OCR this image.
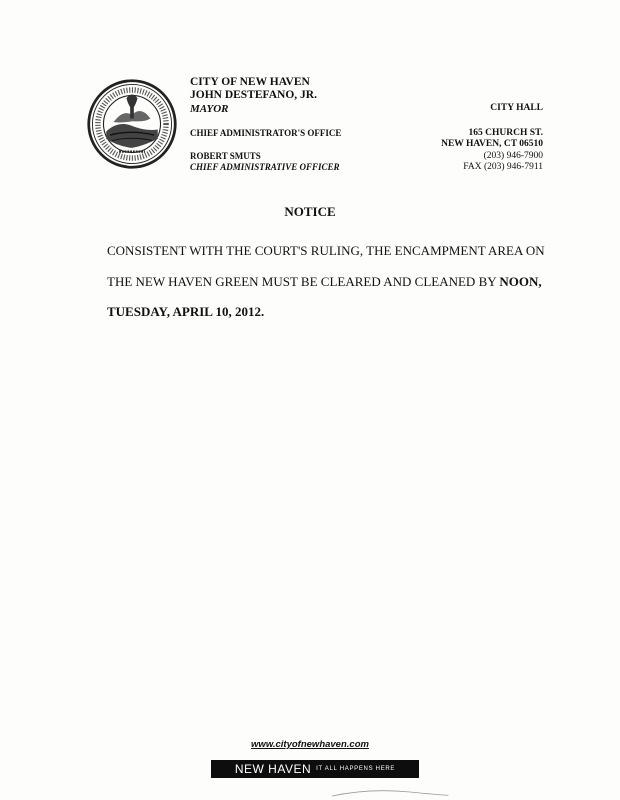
CITY OF NEW HAVEN
JOHN DESTEFANO, JR.
MAYOR	CITY HALL
CHIEF ADMINISTRATOR'S OFFICE
ROBERT SMUTS
CHIEF ADMINISTRATIVE OFFICER
165 CHURCH ST.
NEW HAVEN, CT 06510
(203) 946-7900
FAX (203) 946-7911
NOTICE
CONSISTENT WITH THE COURT'S RULING, THE ENCAMPMENT AREA ON
THE NEW HAVEN GREEN MUST BE CLEARED AND CLEANED BY NOON,
TUESDAY, APRIL 10, 2012.
www.cityofnewhaven.com
NEW HAVEN IT ALL HAPPENS HERE
